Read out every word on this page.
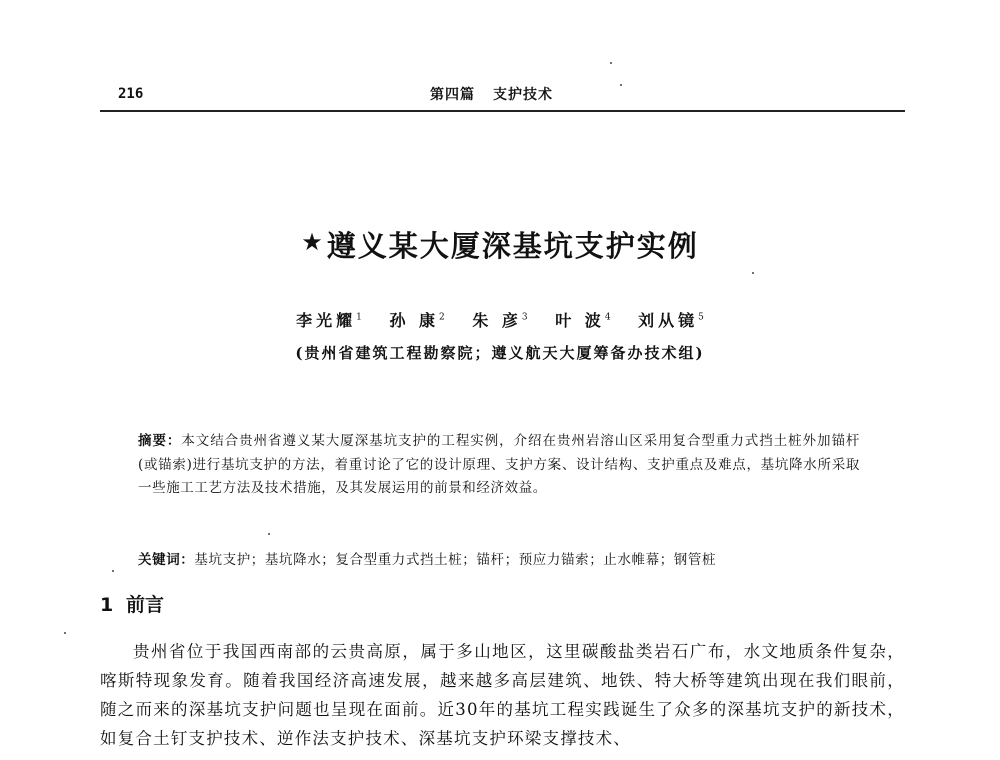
216	第四篇 支护技术
★遵义某大厦深基坑支护实例
李光耀$^1$ 孙 康$^2$ 朱 彦$^3$ 叶 波$^4$ 刘从镜$^5$
(贵州省建筑工程勘察院；遵义航天大厦筹备办技术组)
摘要：本文结合贵州省遵义某大厦深基坑支护的工程实例，介绍在贵州岩溶山区采用复合型重力式挡土桩外加锚杆(或锚索)进行基坑支护的方法，着重讨论了它的设计原理、支护方案、设计结构、支护重点及难点，基坑降水所采取一些施工工艺方法及技术措施，及其发展运用的前景和经济效益。
关键词：基坑支护；基坑降水；复合型重力式挡土桩；锚杆；预应力锚索；止水帷幕；钢管桩
1 前言

贵州省位于我国西南部的云贵高原，属于多山地区，这里碳酸盐类岩石广布，水文地质条件复杂，喀斯特现象发育。随着我国经济高速发展，越来越多高层建筑、地铁、特大桥等建筑出现在我们眼前，随之而来的深基坑支护问题也呈现在面前。近30年的基坑工程实践诞生了众多的深基坑支护的新技术，如复合土钉支护技术、逆作法支护技术、深基坑支护环梁支撑技术、
